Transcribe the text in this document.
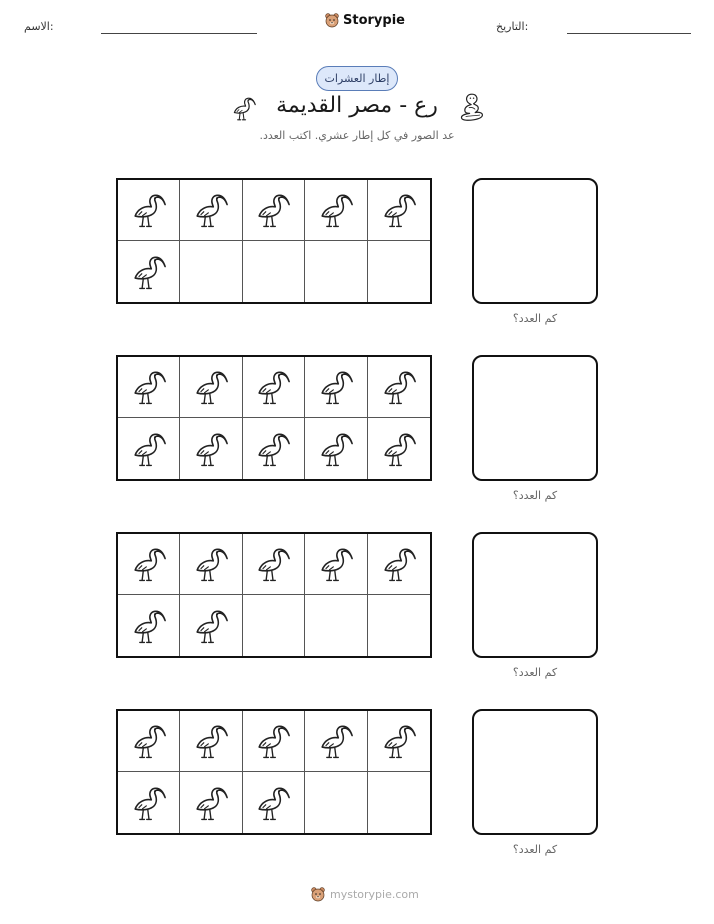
الاسم:	Storypie	التاريخ:
إطار العشرات
رع - مصر القديمة
عد الصور في كل إطار عشري. اكتب العدد.
كم العدد؟
كم العدد؟
كم العدد؟
كم العدد؟
mystorypie.com
